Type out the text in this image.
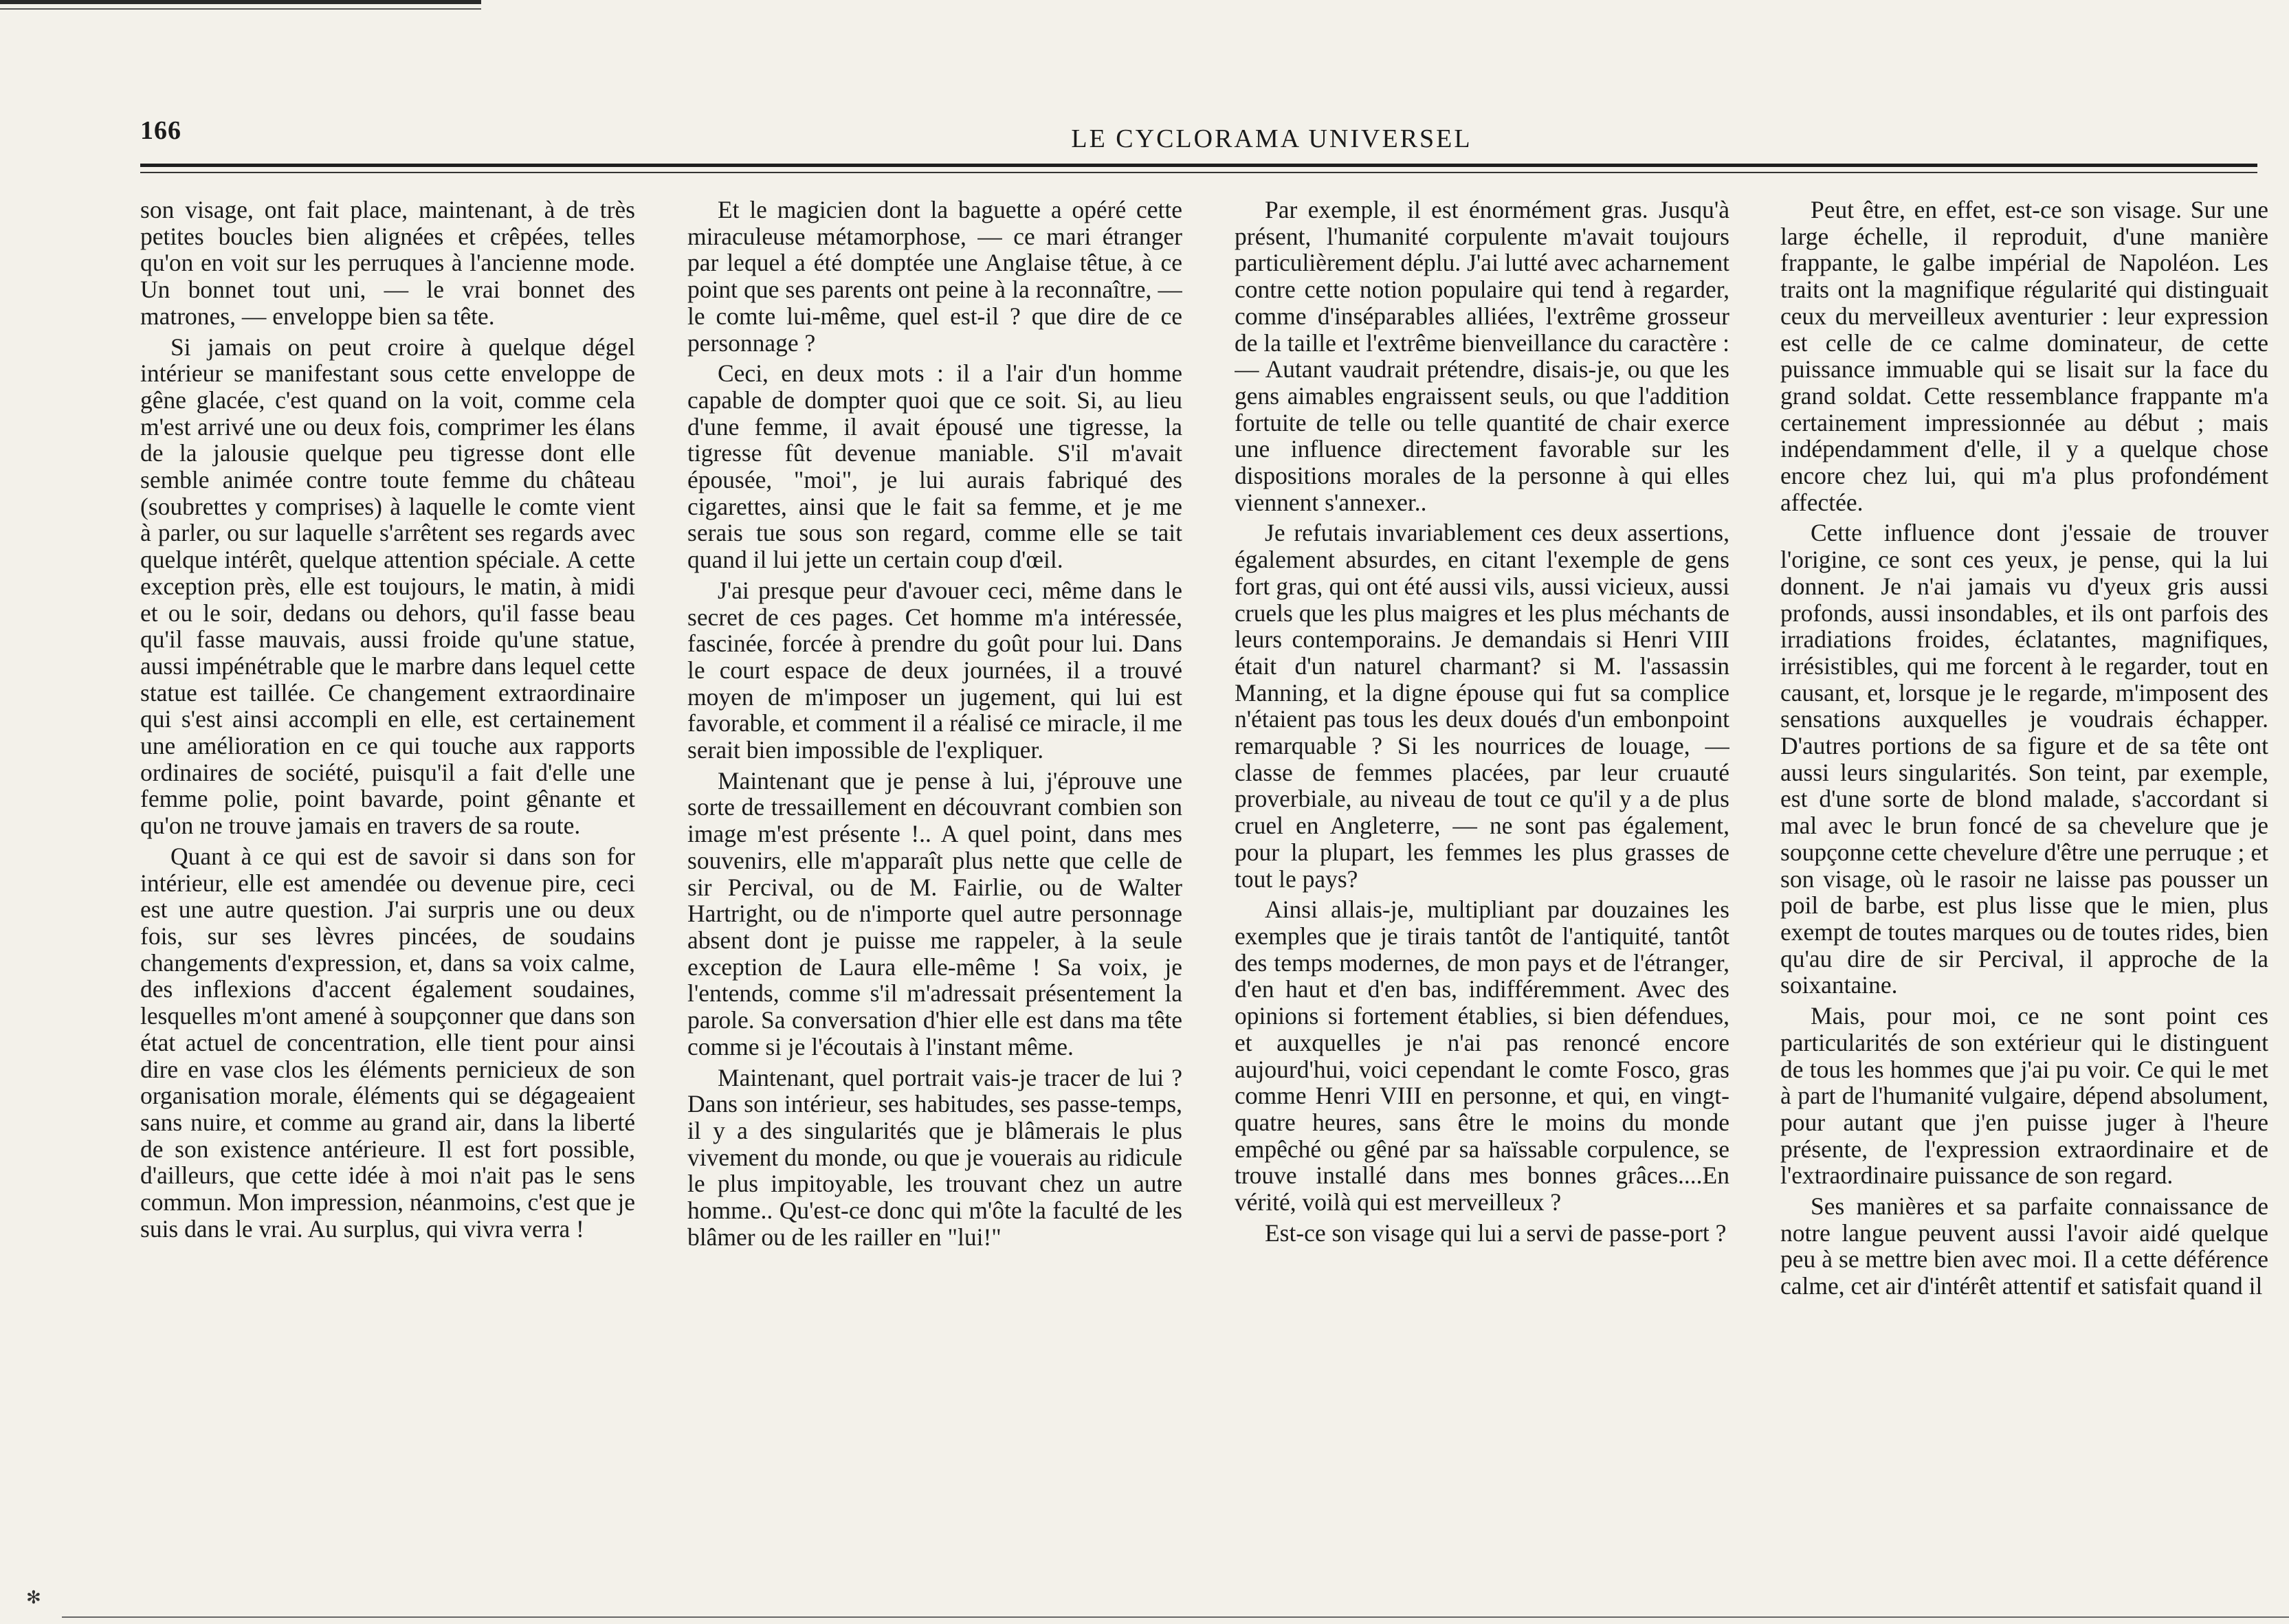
166	LE CYCLORAMA UNIVERSEL

son visage, ont fait place, maintenant, à de très petites boucles bien alignées et crêpées, telles qu'on en voit sur les perruques à l'ancienne mode. Un bonnet tout uni, — le vrai bonnet des matrones, — enveloppe bien sa tête.

Si jamais on peut croire à quelque dégel intérieur se manifestant sous cette enveloppe de gêne glacée, c'est quand on la voit, comme cela m'est arrivé une ou deux fois, comprimer les élans de la jalousie quelque peu tigresse dont elle semble animée contre toute femme du château (soubrettes y comprises) à laquelle le comte vient à parler, ou sur laquelle s'arrêtent ses regards avec quelque intérêt, quelque attention spéciale. A cette exception près, elle est toujours, le matin, à midi et ou le soir, dedans ou dehors, qu'il fasse beau qu'il fasse mauvais, aussi froide qu'une statue, aussi impénétrable que le marbre dans lequel cette statue est taillée. Ce changement extraordinaire qui s'est ainsi accompli en elle, est certainement une amélioration en ce qui touche aux rapports ordinaires de société, puisqu'il a fait d'elle une femme polie, point bavarde, point gênante et qu'on ne trouve jamais en travers de sa route.

Quant à ce qui est de savoir si dans son for intérieur, elle est amendée ou devenue pire, ceci est une autre question. J'ai surpris une ou deux fois, sur ses lèvres pincées, de soudains changements d'expression, et, dans sa voix calme, des inflexions d'accent également soudaines, lesquelles m'ont amené à soupçonner que dans son état actuel de concentration, elle tient pour ainsi dire en vase clos les éléments pernicieux de son organisation morale, éléments qui se dégageaient sans nuire, et comme au grand air, dans la liberté de son existence antérieure. Il est fort possible, d'ailleurs, que cette idée à moi n'ait pas le sens commun. Mon impression, néanmoins, c'est que je suis dans le vrai. Au surplus, qui vivra verra !

Et le magicien dont la baguette a opéré cette miraculeuse métamorphose, — ce mari étranger par lequel a été domptée une Anglaise têtue, à ce point que ses parents ont peine à la reconnaître, — le comte lui-même, quel est-il ? que dire de ce personnage ?

Ceci, en deux mots : il a l'air d'un homme capable de dompter quoi que ce soit. Si, au lieu d'une femme, il avait épousé une tigresse, la tigresse fût devenue maniable. S'il m'avait épousée, "moi", je lui aurais fabriqué des cigarettes, ainsi que le fait sa femme, et je me serais tue sous son regard, comme elle se tait quand il lui jette un certain coup d'œil.

J'ai presque peur d'avouer ceci, même dans le secret de ces pages. Cet homme m'a intéressée, fascinée, forcée à prendre du goût pour lui. Dans le court espace de deux journées, il a trouvé moyen de m'imposer un jugement, qui lui est favorable, et comment il a réalisé ce miracle, il me serait bien impossible de l'expliquer.

Maintenant que je pense à lui, j'éprouve une sorte de tressaillement en découvrant combien son image m'est présente !.. A quel point, dans mes souvenirs, elle m'apparaît plus nette que celle de sir Percival, ou de M. Fairlie, ou de Walter Hartright, ou de n'importe quel autre personnage absent dont je puisse me rappeler, à la seule exception de Laura elle-même ! Sa voix, je l'entends, comme s'il m'adressait présentement la parole. Sa conversation d'hier elle est dans ma tête comme si je l'écoutais à l'instant même.

Maintenant, quel portrait vais-je tracer de lui ? Dans son intérieur, ses habitudes, ses passe-temps, il y a des singularités que je blâmerais le plus vivement du monde, ou que je vouerais au ridicule le plus impitoyable, les trouvant chez un autre homme.. Qu'est-ce donc qui m'ôte la faculté de les blâmer ou de les railler en "lui!"

Par exemple, il est énormément gras. Jusqu'à présent, l'humanité corpulente m'avait toujours particulièrement déplu. J'ai lutté avec acharnement contre cette notion populaire qui tend à regarder, comme d'inséparables alliées, l'extrême grosseur de la taille et l'extrême bienveillance du caractère : — Autant vaudrait prétendre, disais-je, ou que les gens aimables engraissent seuls, ou que l'addition fortuite de telle ou telle quantité de chair exerce une influence directement favorable sur les dispositions morales de la personne à qui elles viennent s'annexer..

Je refutais invariablement ces deux assertions, également absurdes, en citant l'exemple de gens fort gras, qui ont été aussi vils, aussi vicieux, aussi cruels que les plus maigres et les plus méchants de leurs contemporains. Je demandais si Henri VIII était d'un naturel charmant? si M. l'assassin Manning, et la digne épouse qui fut sa complice n'étaient pas tous les deux doués d'un embonpoint remarquable ? Si les nourrices de louage, — classe de femmes placées, par leur cruauté proverbiale, au niveau de tout ce qu'il y a de plus cruel en Angleterre, — ne sont pas également, pour la plupart, les femmes les plus grasses de tout le pays?

Ainsi allais-je, multipliant par douzaines les exemples que je tirais tantôt de l'antiquité, tantôt des temps modernes, de mon pays et de l'étranger, d'en haut et d'en bas, indifféremment. Avec des opinions si fortement établies, si bien défendues, et auxquelles je n'ai pas renoncé encore aujourd'hui, voici cependant le comte Fosco, gras comme Henri VIII en personne, et qui, en vingt-quatre heures, sans être le moins du monde empêché ou gêné par sa haïssable corpulence, se trouve installé dans mes bonnes grâces....En vérité, voilà qui est merveilleux ?

Est-ce son visage qui lui a servi de passe-port ?

Peut être, en effet, est-ce son visage. Sur une large échelle, il reproduit, d'une manière frappante, le galbe impérial de Napoléon. Les traits ont la magnifique régularité qui distinguait ceux du merveilleux aventurier : leur expression est celle de ce calme dominateur, de cette puissance immuable qui se lisait sur la face du grand soldat. Cette ressemblance frappante m'a certainement impressionnée au début ; mais indépendamment d'elle, il y a quelque chose encore chez lui, qui m'a plus profondément affectée.

Cette influence dont j'essaie de trouver l'origine, ce sont ces yeux, je pense, qui la lui donnent. Je n'ai jamais vu d'yeux gris aussi profonds, aussi insondables, et ils ont parfois des irradiations froides, éclatantes, magnifiques, irrésistibles, qui me forcent à le regarder, tout en causant, et, lorsque je le regarde, m'imposent des sensations auxquelles je voudrais échapper. D'autres portions de sa figure et de sa tête ont aussi leurs singularités. Son teint, par exemple, est d'une sorte de blond malade, s'accordant si mal avec le brun foncé de sa chevelure que je soupçonne cette chevelure d'être une perruque ; et son visage, où le rasoir ne laisse pas pousser un poil de barbe, est plus lisse que le mien, plus exempt de toutes marques ou de toutes rides, bien qu'au dire de sir Percival, il approche de la soixantaine.

Mais, pour moi, ce ne sont point ces particularités de son extérieur qui le distinguent de tous les hommes que j'ai pu voir. Ce qui le met à part de l'humanité vulgaire, dépend absolument, pour autant que j'en puisse juger à l'heure présente, de l'expression extraordinaire et de l'extraordinaire puissance de son regard.

Ses manières et sa parfaite connaissance de notre langue peuvent aussi l'avoir aidé quelque peu à se mettre bien avec moi. Il a cette déférence calme, cet air d'intérêt attentif et satisfait quand il

✻
